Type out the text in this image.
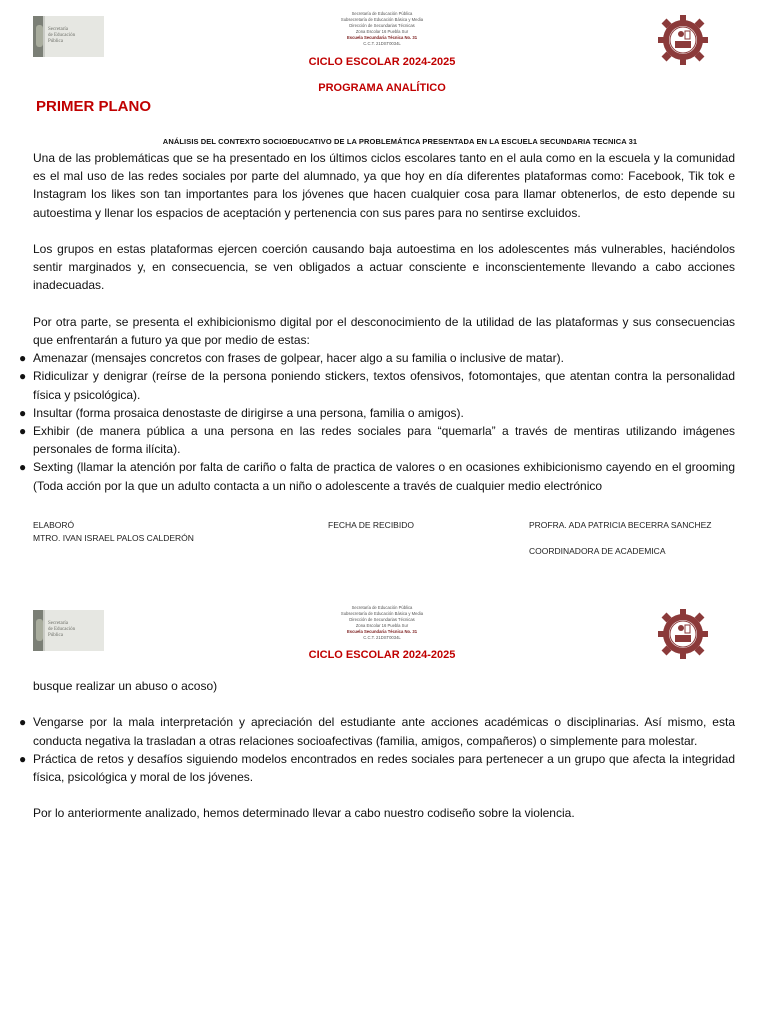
Secretaría
de Educación
Pública
Secretaría de Educación Pública
Subsecretaría de Educación Básica y Media
Dirección de Secundarias Técnicas
Zona Escolar 16 Puebla Sur
Escuela Secundaria Técnica No. 31
C.C.T. 21DST0034L
CICLO ESCOLAR 2024-2025
PROGRAMA ANALÍTICO
PRIMER PLANO
ANÁLISIS DEL CONTEXTO SOCIOEDUCATIVO DE LA PROBLEMÁTICA PRESENTADA EN LA ESCUELA SECUNDARIA TECNICA 31

Una de las problemáticas que se ha presentado en los últimos ciclos escolares tanto en el aula como en la escuela y la comunidad es el mal uso de las redes sociales por parte del alumnado, ya que hoy en día diferentes plataformas como: Facebook, Tik tok e Instagram los likes son tan importantes para los jóvenes que hacen cualquier cosa para llamar obtenerlos, de esto depende su autoestima y llenar los espacios de aceptación y pertenencia con sus pares para no sentirse excluidos.

Los grupos en estas plataformas ejercen coerción causando baja autoestima en los adolescentes más vulnerables, haciéndolos sentir marginados y, en consecuencia, se ven obligados a actuar consciente e inconscientemente llevando a cabo acciones inadecuadas.

Por otra parte, se presenta el exhibicionismo digital por el desconocimiento de la utilidad de las plataformas y sus consecuencias que enfrentarán a futuro ya que por medio de estas:

● Amenazar (mensajes concretos con frases de golpear, hacer algo a su familia o inclusive de matar).
● Ridiculizar y denigrar (reírse de la persona poniendo stickers, textos ofensivos, fotomontajes, que atentan contra la personalidad física y psicológica).
● Insultar (forma prosaica denostaste de dirigirse a una persona, familia o amigos).
● Exhibir (de manera pública a una persona en las redes sociales para “quemarla” a través de mentiras utilizando imágenes personales de forma ilícita).
● Sexting (llamar la atención por falta de cariño o falta de practica de valores o en ocasiones exhibicionismo cayendo en el grooming (Toda acción por la que un adulto contacta a un niño o adolescente a través de cualquier medio electrónico
ELABORÓ
MTRO. IVAN ISRAEL PALOS CALDERÓN
FECHA DE RECIBIDO	PROFRA. ADA PATRICIA BECERRA SANCHEZ
COORDINADORA DE ACADEMICA
Secretaría
de Educación
Pública
Secretaría de Educación Pública
Subsecretaría de Educación Básica y Media
Dirección de Secundarias Técnicas
Zona Escolar 16 Puebla Sur
Escuela Secundaria Técnica No. 31
C.C.T. 21DST0034L
CICLO ESCOLAR 2024-2025

busque realizar un abuso o acoso)

● Vengarse por la mala interpretación y apreciación del estudiante ante acciones académicas o disciplinarias. Así mismo, esta conducta negativa la trasladan a otras relaciones socioafectivas (familia, amigos, compañeros) o simplemente para molestar.
● Práctica de retos y desafíos siguiendo modelos encontrados en redes sociales para pertenecer a un grupo que afecta la integridad física, psicológica y moral de los jóvenes.

Por lo anteriormente analizado, hemos determinado llevar a cabo nuestro codiseño sobre la violencia.
